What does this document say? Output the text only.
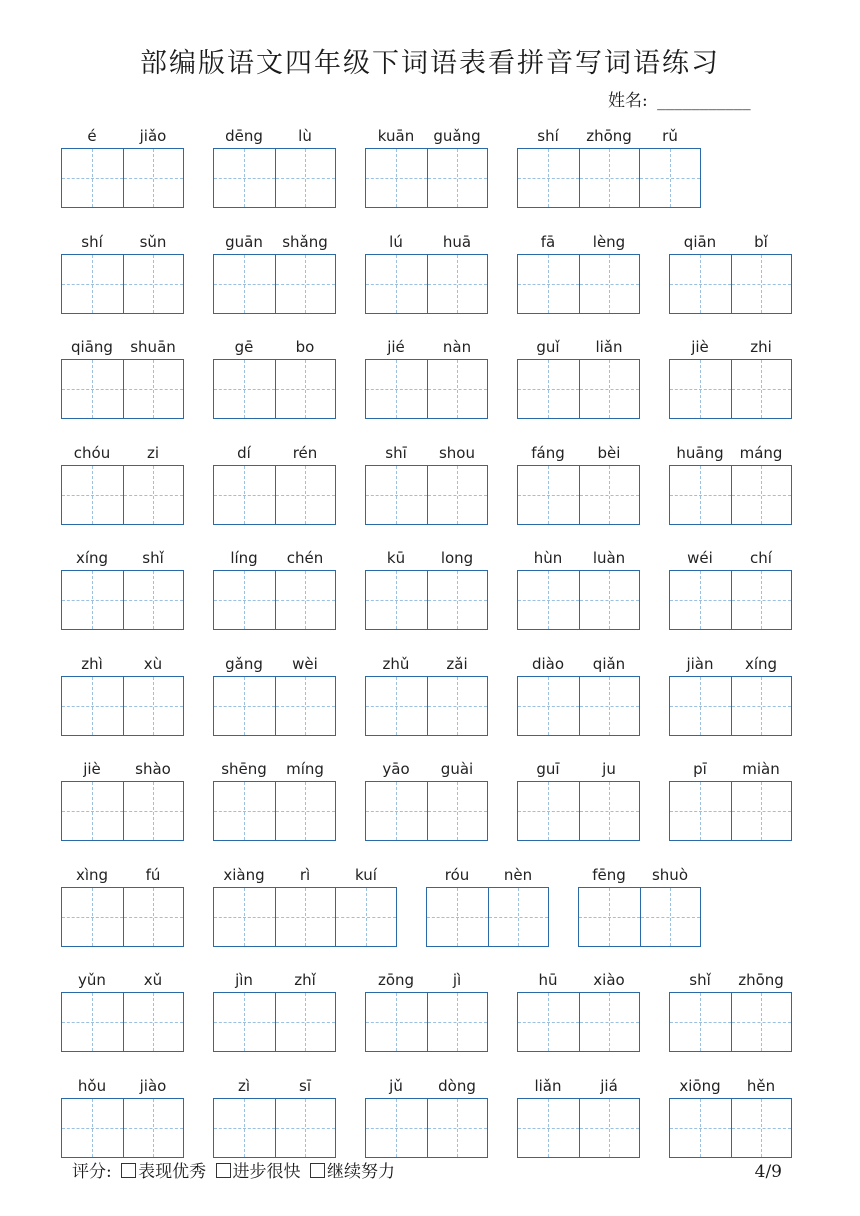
部编版语文四年级下词语表看拼音写词语练习
姓名: ___________
é	jiǎo	dēng	lù	kuān	guǎng	shí	zhōng	rǔ
shí	sǔn	guān	shǎng	lú	huā	fā	lèng	qiān	bǐ
qiāng	shuān	gē	bo	jié	nàn	guǐ	liǎn	jiè	zhi
chóu	zi	dí	rén	shī	shou	fáng	bèi	huāng	máng
xíng	shǐ	líng	chén	kū	long	hùn	luàn	wéi	chí
zhì	xù	gǎng	wèi	zhǔ	zǎi	diào	qiǎn	jiàn	xíng
jiè	shào	shēng	míng	yāo	guài	guī	ju	pī	miàn
xìng	fú	xiàng	rì	kuí	róu	nèn	fēng	shuò
yǔn	xǔ	jìn	zhǐ	zōng	jì	hū	xiào	shǐ	zhōng
hǒu	jiào	zì	sī	jǔ	dòng	liǎn	jiá	xiōng	hěn
评分: 表现优秀 进步很快 继续努力	4/9
